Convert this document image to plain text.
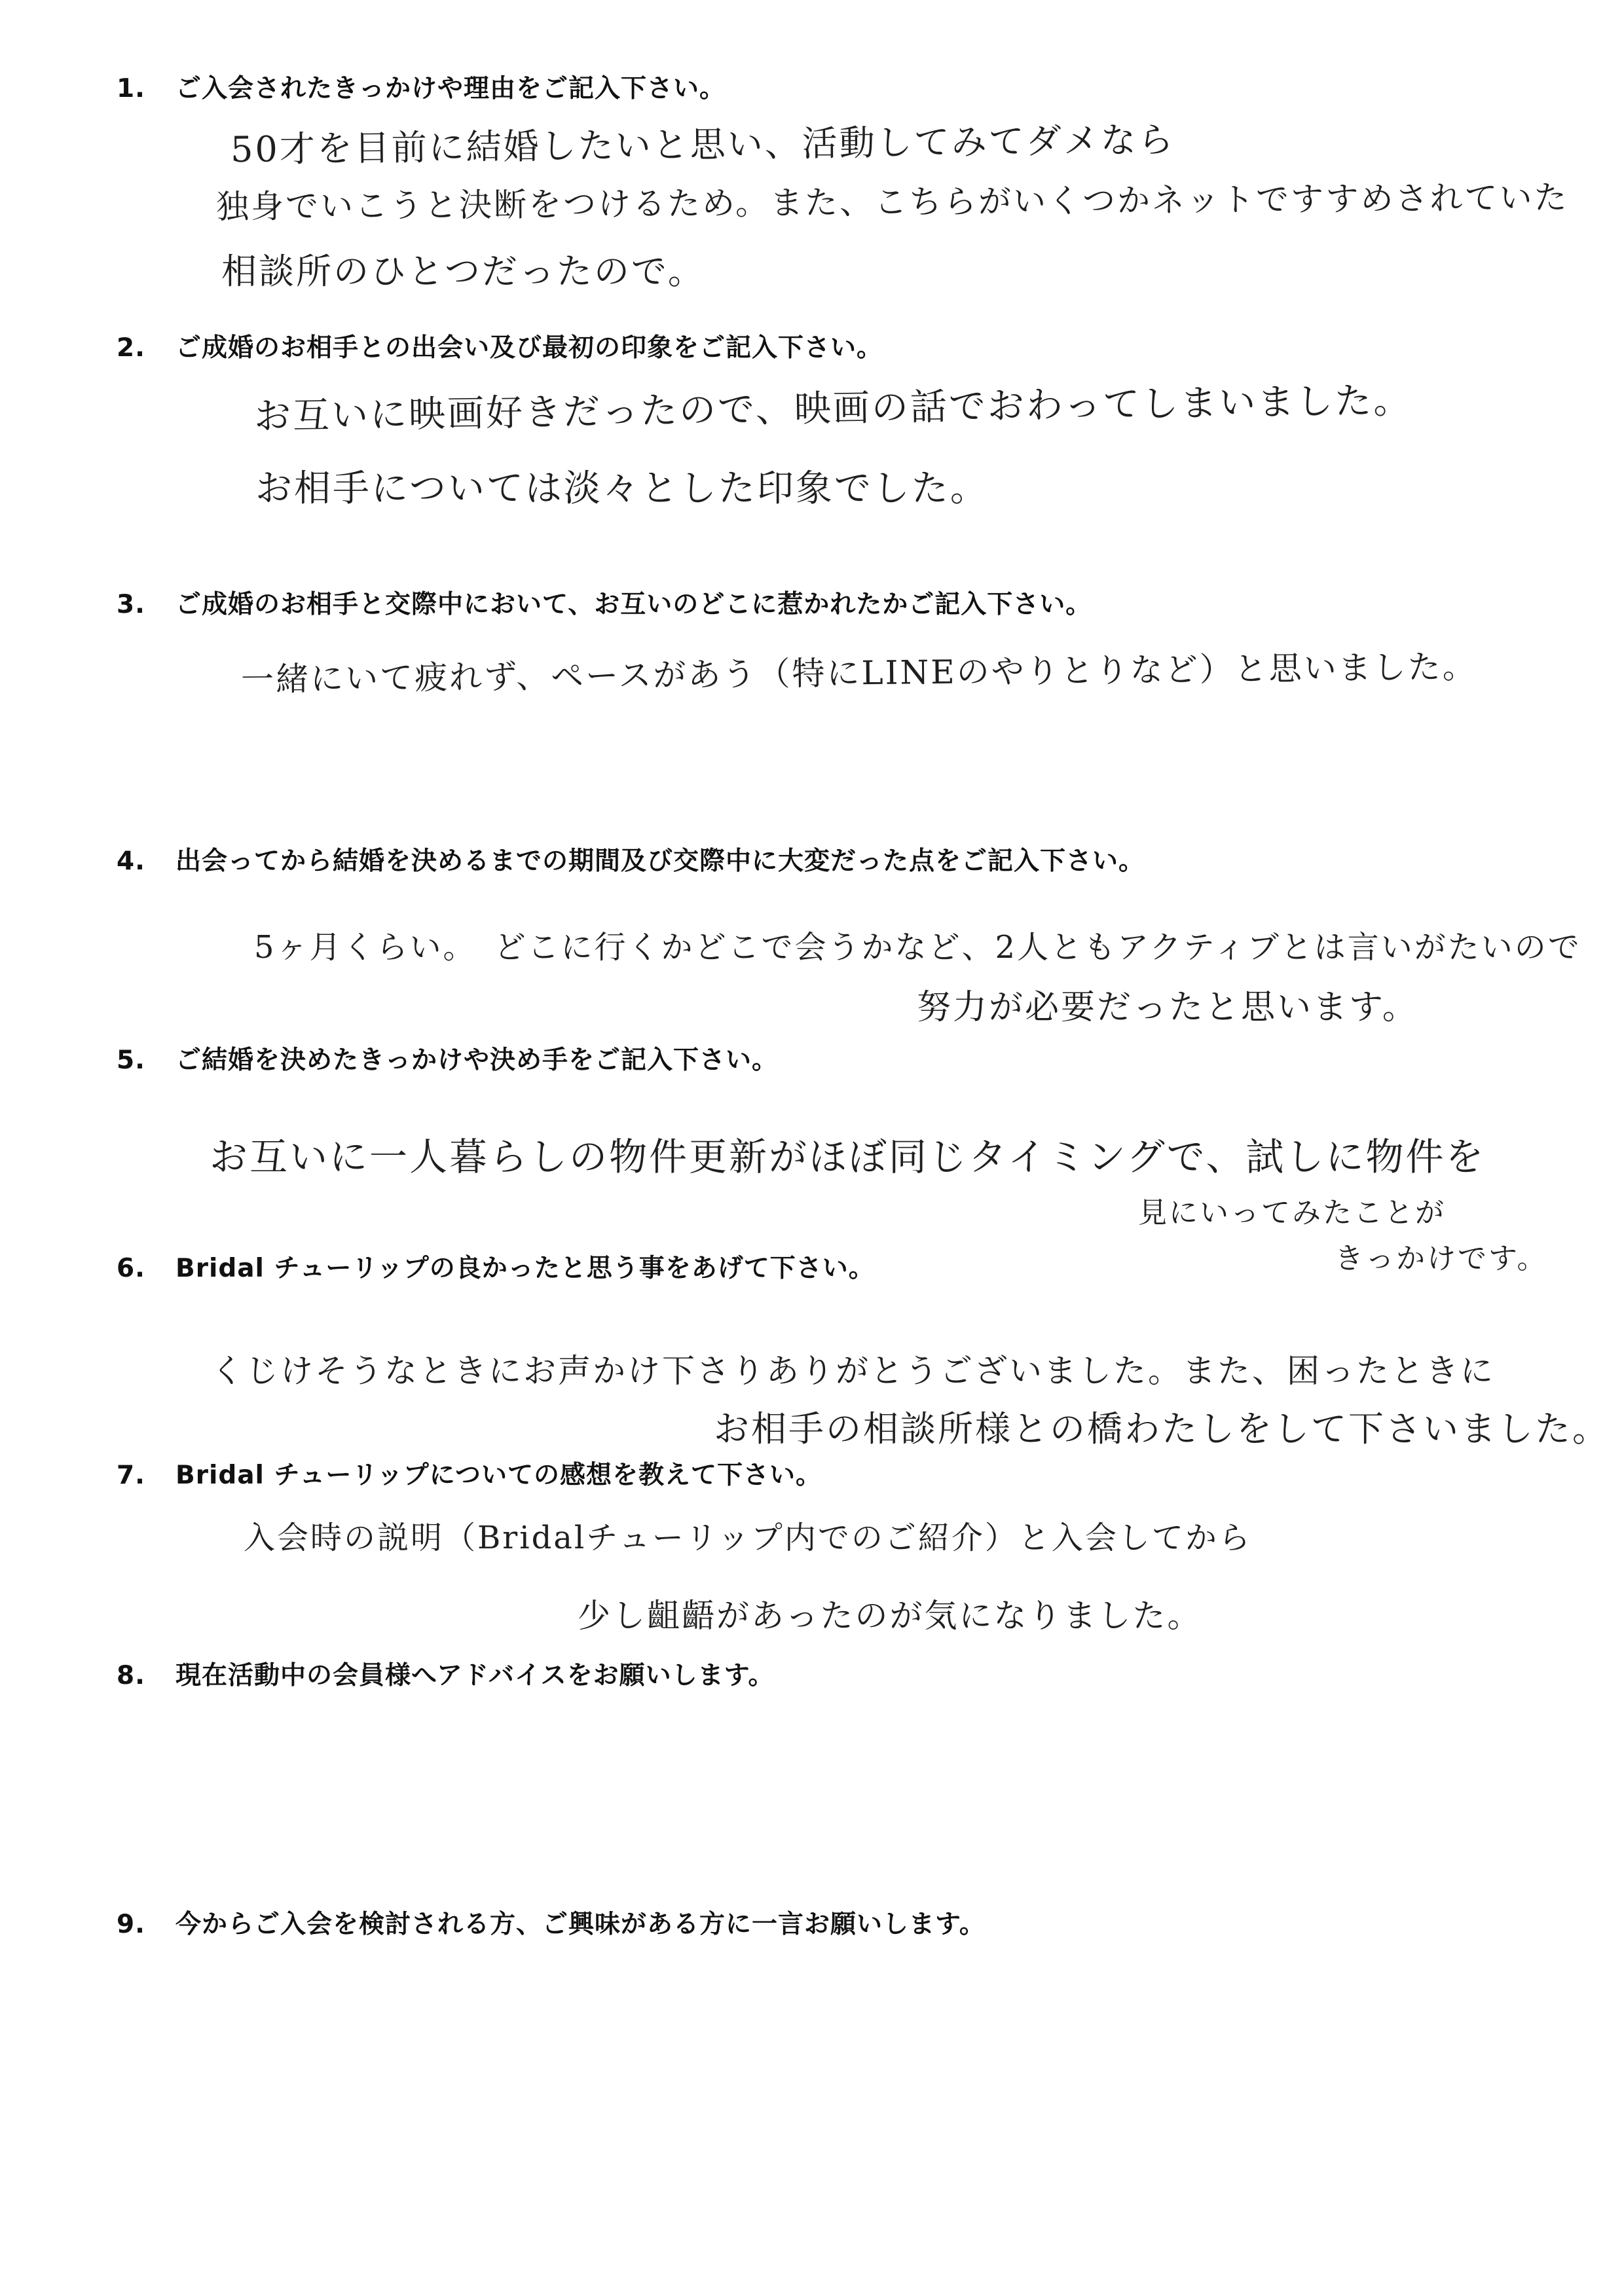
1. ご入会されたきっかけや理由をご記入下さい。
50才を目前に結婚したいと思い、活動してみてダメなら
独身でいこうと決断をつけるため。また、こちらがいくつかネットですすめされていた
相談所のひとつだったので。
2. ご成婚のお相手との出会い及び最初の印象をご記入下さい。
お互いに映画好きだったので、映画の話でおわってしまいました。
お相手については淡々とした印象でした。
3. ご成婚のお相手と交際中において、お互いのどこに惹かれたかご記入下さい。
一緒にいて疲れず、ペースがあう（特にLINEのやりとりなど）と思いました。
4. 出会ってから結婚を決めるまでの期間及び交際中に大変だった点をご記入下さい。
5ヶ月くらい。　どこに行くかどこで会うかなど、2人ともアクティブとは言いがたいので
努力が必要だったと思います。
5. ご結婚を決めたきっかけや決め手をご記入下さい。
お互いに一人暮らしの物件更新がほぼ同じタイミングで、試しに物件を
見にいってみたことが
きっかけです。
6. Bridal チューリップの良かったと思う事をあげて下さい。
くじけそうなときにお声かけ下さりありがとうございました。また、困ったときに
お相手の相談所様との橋わたしをして下さいました。
7. Bridal チューリップについての感想を教えて下さい。
入会時の説明（Bridalチューリップ内でのご紹介）と入会してから
少し齟齬があったのが気になりました。
8. 現在活動中の会員様へアドバイスをお願いします。
9. 今からご入会を検討される方、ご興味がある方に一言お願いします。
